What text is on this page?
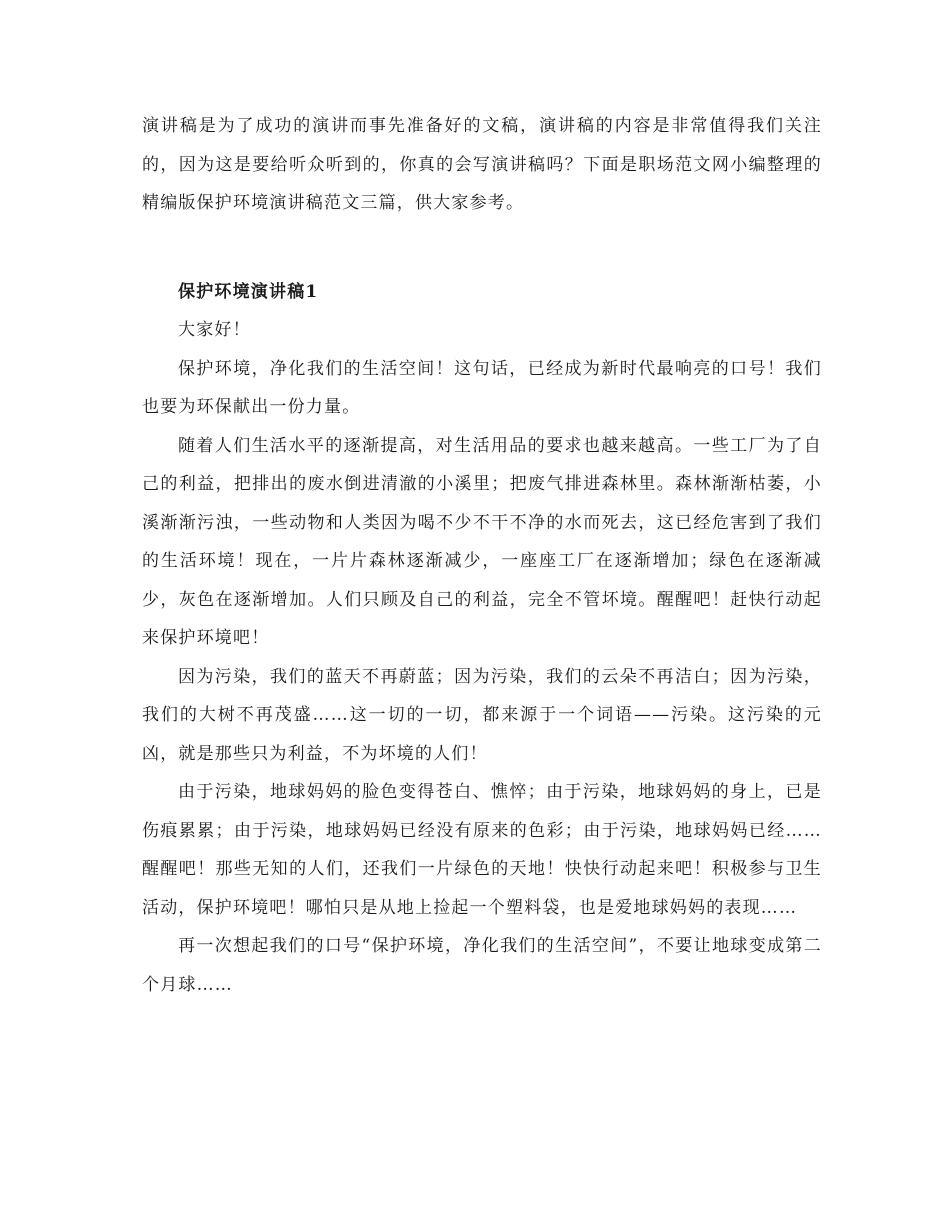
演讲稿是为了成功的演讲而事先准备好的文稿，演讲稿的内容是非常值得我们关注的，因为这是要给听众听到的，你真的会写演讲稿吗？下面是职场范文网小编整理的精编版保护环境演讲稿范文三篇，供大家参考。

保护环境演讲稿1

大家好！

保护环境，净化我们的生活空间！这句话，已经成为新时代最响亮的口号！我们也要为环保献出一份力量。

随着人们生活水平的逐渐提高，对生活用品的要求也越来越高。一些工厂为了自己的利益，把排出的废水倒进清澈的小溪里；把废气排进森林里。森林渐渐枯萎，小溪渐渐污浊，一些动物和人类因为喝不少不干不净的水而死去，这已经危害到了我们的生活环境！现在，一片片森林逐渐减少，一座座工厂在逐渐增加；绿色在逐渐减少，灰色在逐渐增加。人们只顾及自己的利益，完全不管坏境。醒醒吧！赶快行动起来保护环境吧！

因为污染，我们的蓝天不再蔚蓝；因为污染，我们的云朵不再洁白；因为污染，我们的大树不再茂盛……这一切的一切，都来源于一个词语——污染。这污染的元凶，就是那些只为利益，不为坏境的人们！

由于污染，地球妈妈的脸色变得苍白、憔悴；由于污染，地球妈妈的身上，已是伤痕累累；由于污染，地球妈妈已经没有原来的色彩；由于污染，地球妈妈已经……醒醒吧！那些无知的人们，还我们一片绿色的天地！快快行动起来吧！积极参与卫生活动，保护环境吧！哪怕只是从地上捡起一个塑料袋，也是爱地球妈妈的表现……

再一次想起我们的口号“保护环境，净化我们的生活空间”，不要让地球变成第二个月球……
